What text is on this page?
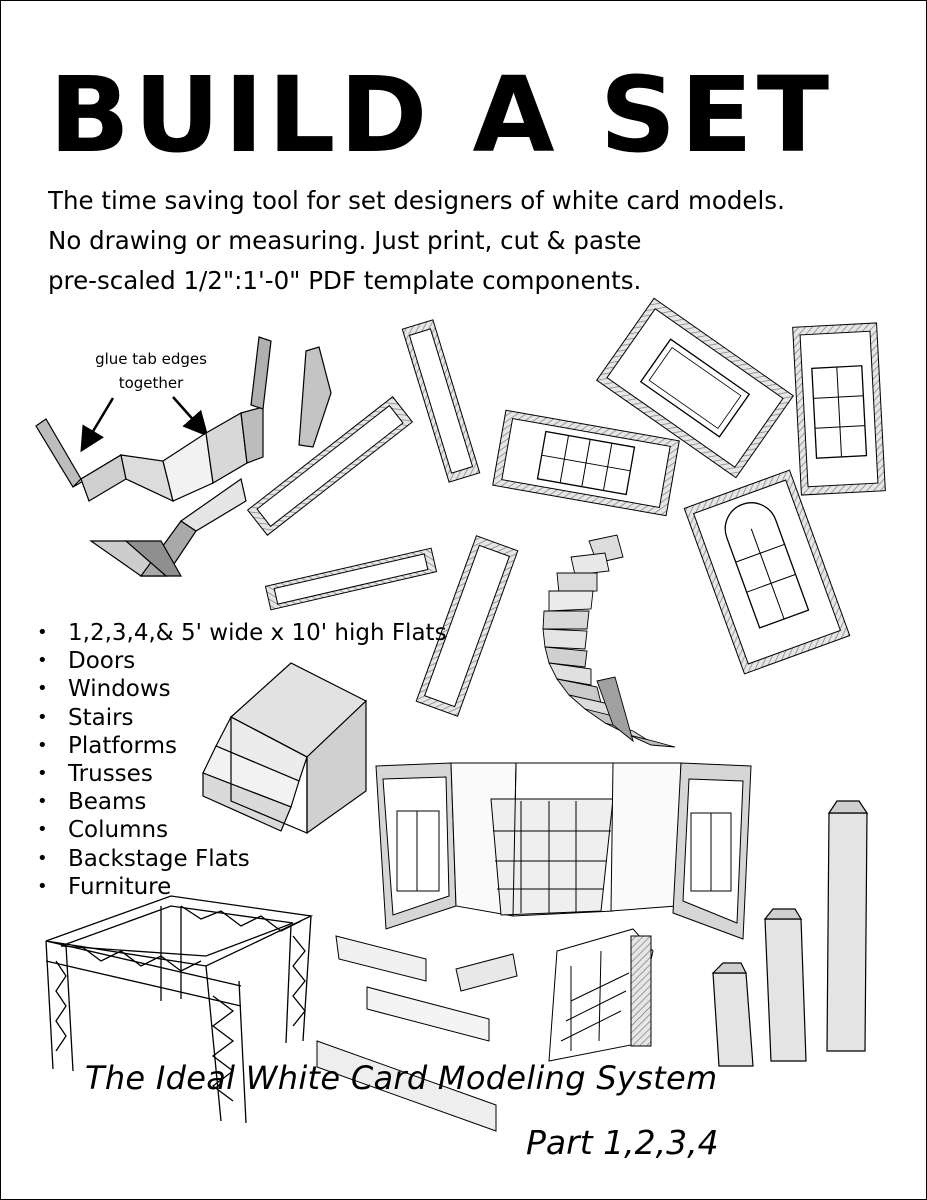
BUILD A SET
The time saving tool for set designers of white card models.
No drawing or measuring. Just print, cut & paste
pre-scaled 1/2":1'-0" PDF template components.
glue tab edges
together
• 1,2,3,4,& 5' wide x 10' high Flats
• Doors
• Windows
• Stairs
• Platforms
• Trusses
• Beams
• Columns
• Backstage Flats
• Furniture
The Ideal White Card Modeling System
Part 1,2,3,4
